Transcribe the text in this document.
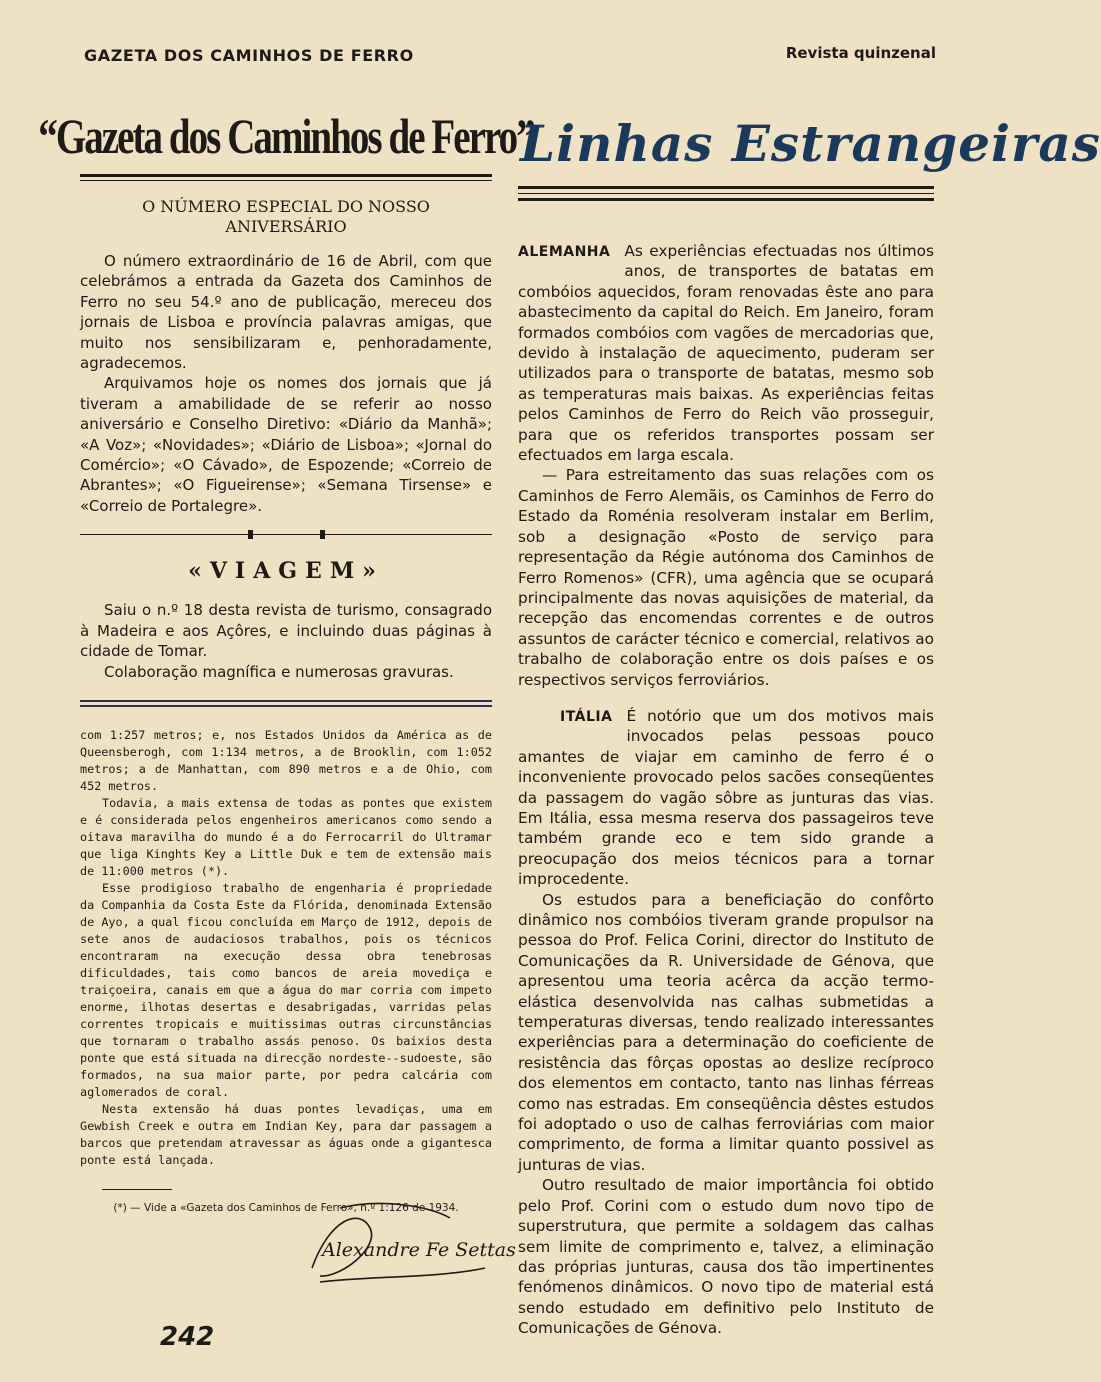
GAZETA DOS CAMINHOS DE FERRO	Revista quinzenal
“Gazeta dos Caminhos de Ferro”
O NÚMERO ESPECIAL DO NOSSO ANIVERSÁRIO

O número extraordinário de 16 de Abril, com que celebrámos a entrada da Gazeta dos Caminhos de Ferro no seu 54.º ano de publicação, mereceu dos jornais de Lisboa e província palavras amigas, que muito nos sensibilizaram e, penhoradamente, agradecemos.

Arquivamos hoje os nomes dos jornais que já tiveram a amabilidade de se referir ao nosso aniversário e Conselho Diretivo: «Diário da Manhã»; «A Voz»; «Novidades»; «Diário de Lisboa»; «Jornal do Comércio»; «O Cávado», de Espozende; «Correio de Abrantes»; «O Figueirense»; «Semana Tirsense» e «Correio de Portalegre».

«VIAGEM»

Saiu o n.º 18 desta revista de turismo, consagrado à Madeira e aos Açôres, e incluindo duas páginas à cidade de Tomar.

Colaboração magnífica e numerosas gravuras.

com 1:257 metros; e, nos Estados Unidos da América as de Queensberogh, com 1:134 metros, a de Brooklin, com 1:052 metros; a de Manhattan, com 890 metros e a de Ohio, com 452 metros.

Todavia, a mais extensa de todas as pontes que existem e é considerada pelos engenheiros americanos como sendo a oitava maravilha do mundo é a do Ferrocarril do Ultramar que liga Kinghts Key a Little Duk e tem de extensão mais de 11:000 metros (*).

Esse prodigioso trabalho de engenharia é propriedade da Companhia da Costa Este da Flórida, denominada Extensão de Ayo, a qual ficou concluída em Março de 1912, depois de sete anos de audaciosos trabalhos, pois os técnicos encontraram na execução dessa obra tenebrosas dificuldades, tais como bancos de areia movediça e traiçoeira, canais em que a água do mar corria com impeto enorme, ilhotas desertas e desabrigadas, varridas pelas correntes tropicais e muitissimas outras circunstâncias que tornaram o trabalho assás penoso. Os baixios desta ponte que está situada na direcção nordeste--sudoeste, são formados, na sua maior parte, por pedra calcária com aglomerados de coral.

Nesta extensão há duas pontes levadiças, uma em Gewbish Creek e outra em Indian Key, para dar passagem a barcos que pretendam atravessar as águas onde a gigantesca ponte está lançada.

(*) — Vide a «Gazeta dos Caminhos de Ferro», n.º 1:126 de 1934.
Alexandre Fe Settas
242
Linhas Estrangeiras

ALEMANHA As experiências efectuadas nos últimos anos, de transportes de batatas em combóios aquecidos, foram renovadas êste ano para abastecimento da capital do Reich. Em Janeiro, foram formados combóios com vagões de mercadorias que, devido à instalação de aquecimento, puderam ser utilizados para o transporte de batatas, mesmo sob as temperaturas mais baixas. As experiências feitas pelos Caminhos de Ferro do Reich vão prosseguir, para que os referidos transportes possam ser efectuados em larga escala.

— Para estreitamento das suas relações com os Caminhos de Ferro Alemãis, os Caminhos de Ferro do Estado da Roménia resolveram instalar em Berlim, sob a designação «Posto de serviço para representação da Régie autónoma dos Caminhos de Ferro Romenos» (CFR), uma agência que se ocupará principalmente das novas aquisições de material, da recepção das encomendas correntes e de outros assuntos de carácter técnico e comercial, relativos ao trabalho de colaboração entre os dois países e os respectivos serviços ferroviários.

ITÁLIA É notório que um dos motivos mais invocados pelas pessoas pouco amantes de viajar em caminho de ferro é o inconveniente provocado pelos sacões conseqüentes da passagem do vagão sôbre as junturas das vias. Em Itália, essa mesma reserva dos passageiros teve também grande eco e tem sido grande a preocupação dos meios técnicos para a tornar improcedente.

Os estudos para a beneficiação do confôrto dinâmico nos combóios tiveram grande propulsor na pessoa do Prof. Felica Corini, director do Instituto de Comunicações da R. Universidade de Génova, que apresentou uma teoria acêrca da acção termo-elástica desenvolvida nas calhas submetidas a temperaturas diversas, tendo realizado interessantes experiências para a determinação do coeficiente de resistência das fôrças opostas ao deslize recíproco dos elementos em contacto, tanto nas linhas férreas como nas estradas. Em conseqüência dêstes estudos foi adoptado o uso de calhas ferroviárias com maior comprimento, de forma a limitar quanto possivel as junturas de vias.

Outro resultado de maior importância foi obtido pelo Prof. Corini com o estudo dum novo tipo de superstrutura, que permite a soldagem das calhas sem limite de comprimento e, talvez, a eliminação das próprias junturas, causa dos tão impertinentes fenómenos dinâmicos. O novo tipo de material está sendo estudado em definitivo pelo Instituto de Comunicações de Génova.
